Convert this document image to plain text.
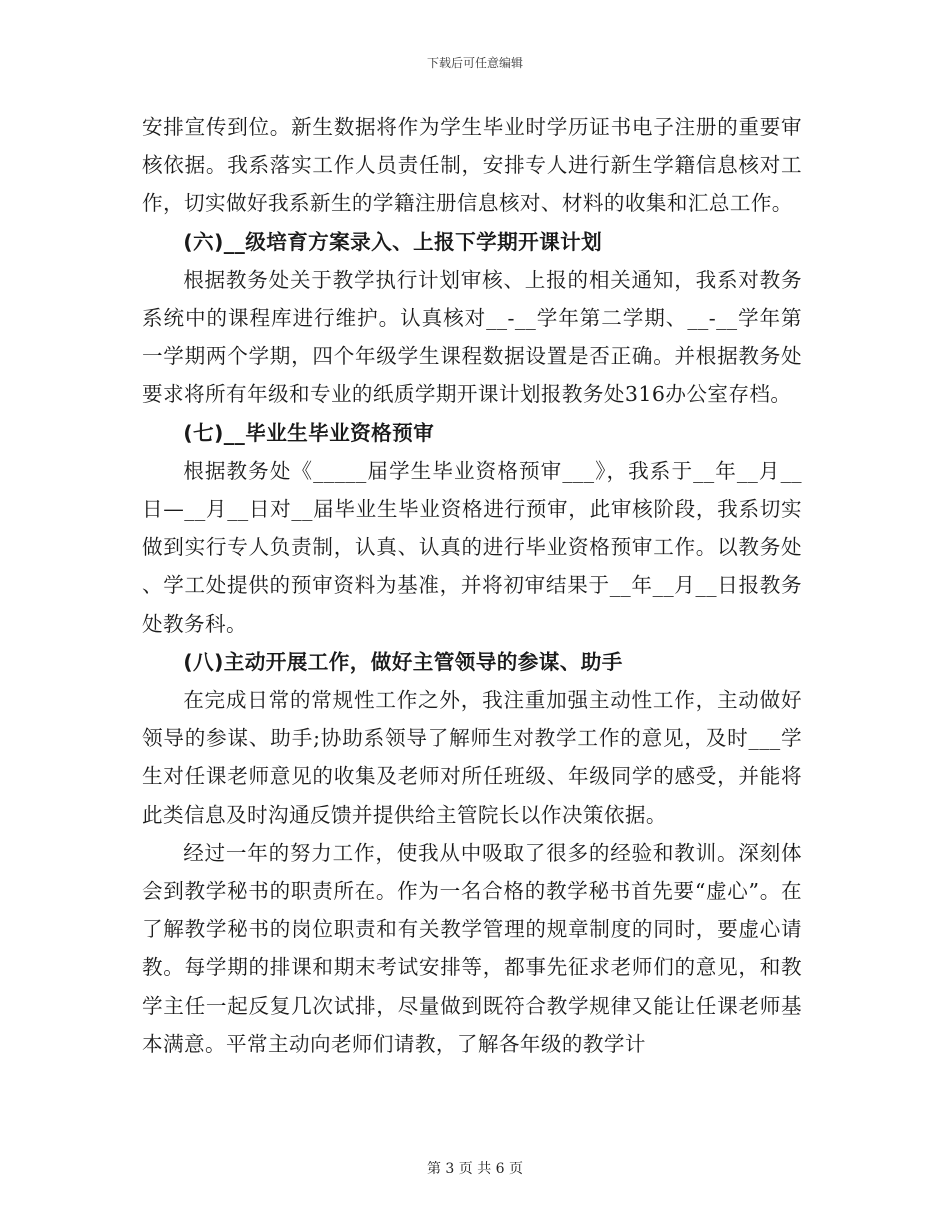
下载后可任意编辑

安排宣传到位。新生数据将作为学生毕业时学历证书电子注册的重要审核依据。我系落实工作人员责任制，安排专人进行新生学籍信息核对工作，切实做好我系新生的学籍注册信息核对、材料的收集和汇总工作。

(六)__级培育方案录入、上报下学期开课计划

根据教务处关于教学执行计划审核、上报的相关通知，我系对教务系统中的课程库进行维护。认真核对__-__学年第二学期、__-__学年第一学期两个学期，四个年级学生课程数据设置是否正确。并根据教务处要求将所有年级和专业的纸质学期开课计划报教务处316办公室存档。

(七)__毕业生毕业资格预审

根据教务处《_____届学生毕业资格预审___》，我系于__年__月__日—__月__日对__届毕业生毕业资格进行预审，此审核阶段，我系切实做到实行专人负责制，认真、认真的进行毕业资格预审工作。以教务处、学工处提供的预审资料为基准，并将初审结果于__年__月__日报教务处教务科。

(八)主动开展工作，做好主管领导的参谋、助手

在完成日常的常规性工作之外，我注重加强主动性工作，主动做好领导的参谋、助手;协助系领导了解师生对教学工作的意见，及时___学生对任课老师意见的收集及老师对所任班级、年级同学的感受，并能将此类信息及时沟通反馈并提供给主管院长以作决策依据。

经过一年的努力工作，使我从中吸取了很多的经验和教训。深刻体会到教学秘书的职责所在。作为一名合格的教学秘书首先要“虚心”。在了解教学秘书的岗位职责和有关教学管理的规章制度的同时，要虚心请教。每学期的排课和期末考试安排等，都事先征求老师们的意见，和教学主任一起反复几次试排，尽量做到既符合教学规律又能让任课老师基本满意。平常主动向老师们请教，了解各年级的教学计

第 3 页 共 6 页
